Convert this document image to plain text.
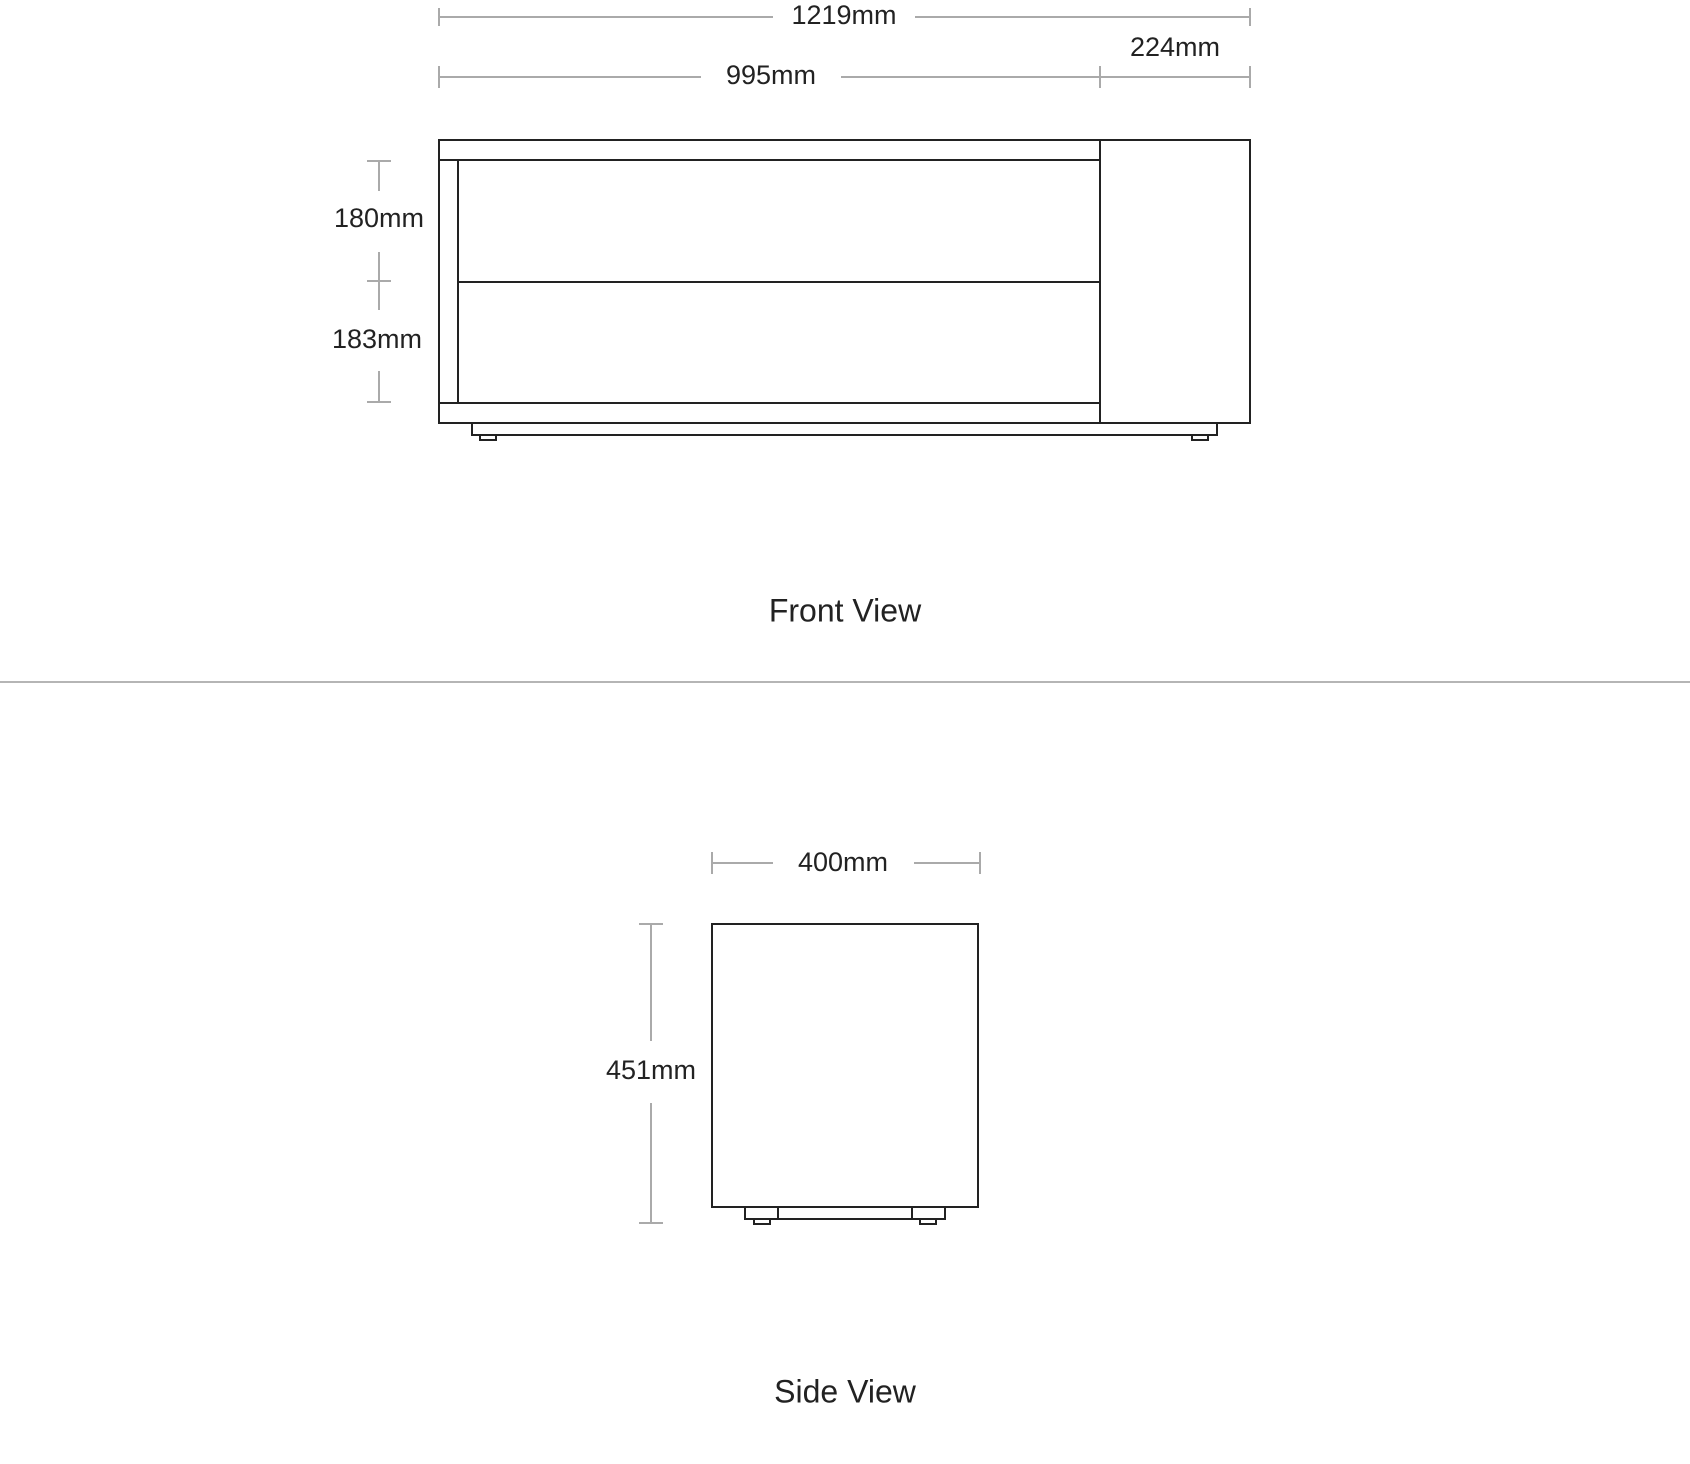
1219mm
995mm
224mm
180mm
183mm
Front View
400mm
451mm
Side View
